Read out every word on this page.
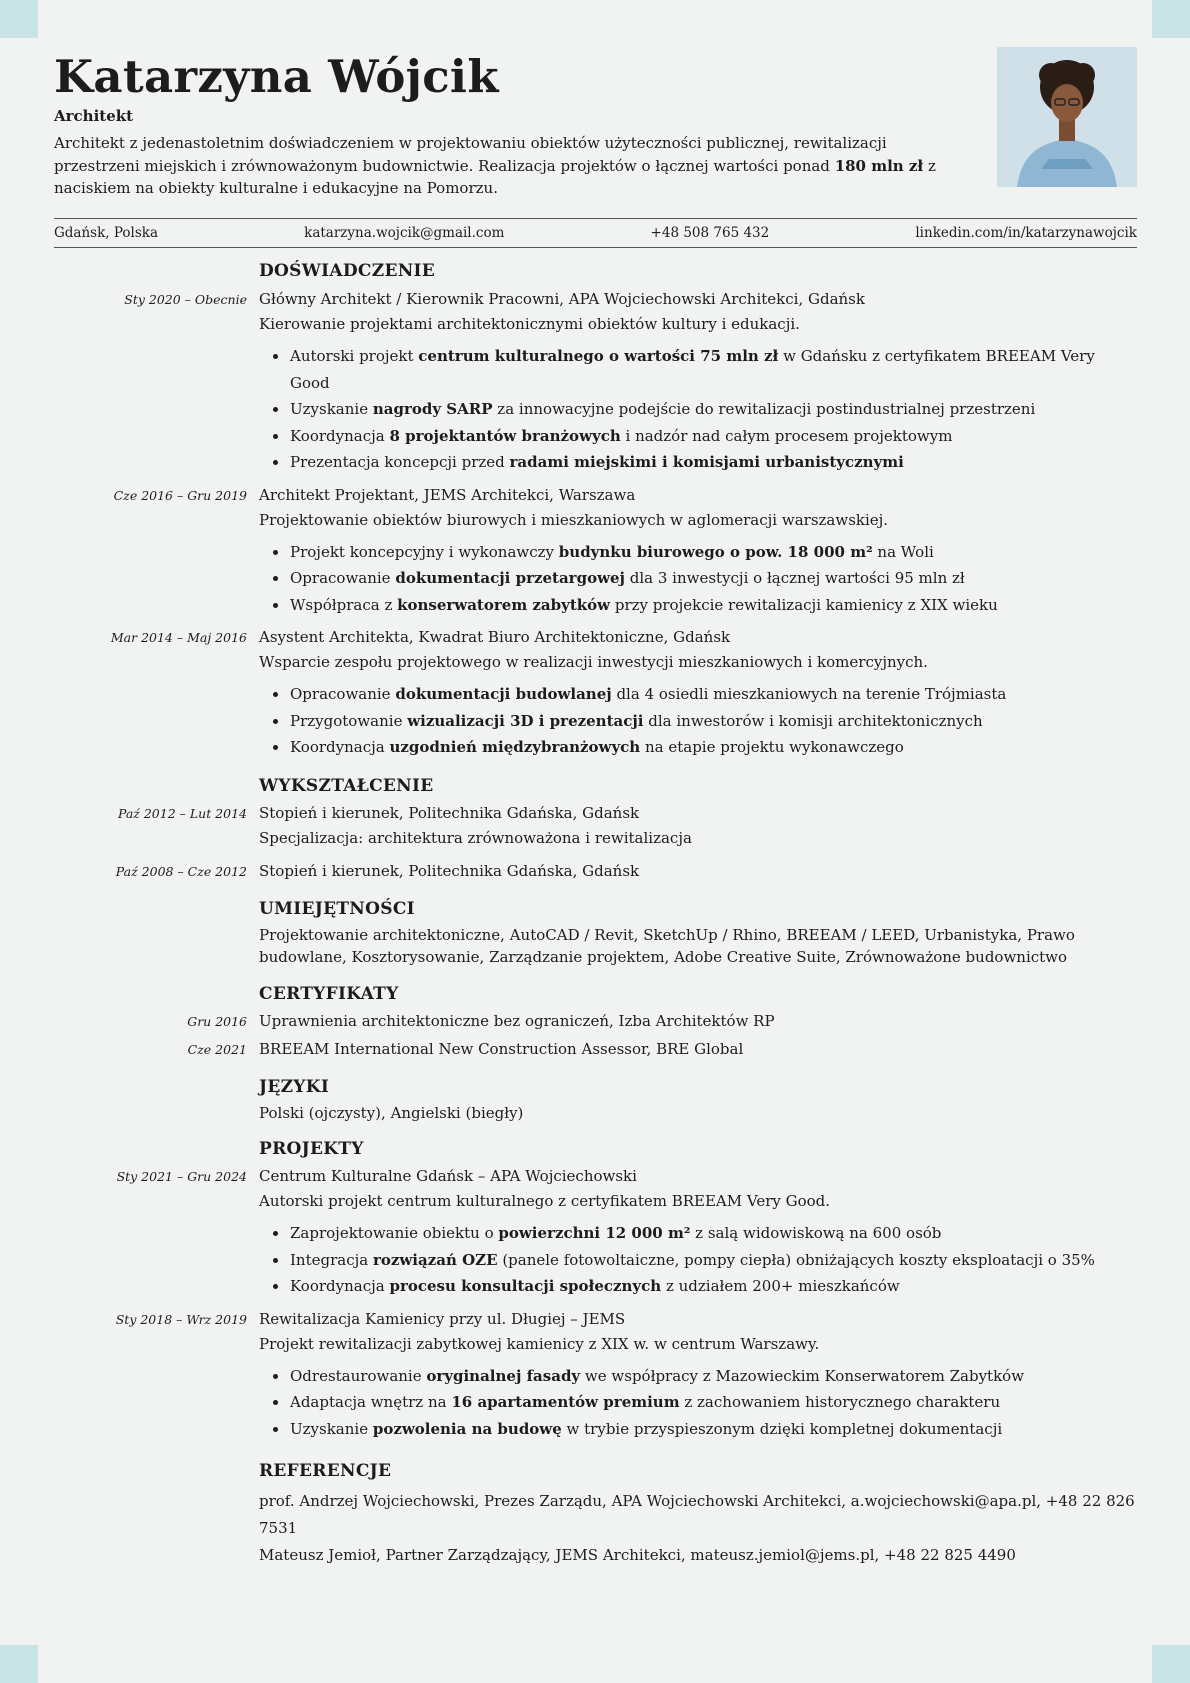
Katarzyna Wójcik
Architekt
Architekt z jedenastoletnim doświadczeniem w projektowaniu obiektów użyteczności publicznej, rewitalizacji przestrzeni miejskich i zrównoważonym budownictwie. Realizacja projektów o łącznej wartości ponad 180 mln zł z naciskiem na obiekty kulturalne i edukacyjne na Pomorzu.
Gdańsk, Polska	katarzyna.wojcik@gmail.com	+48 508 765 432	linkedin.com/in/katarzynawojcik
DOŚWIADCZENIE
Sty 2020 – Obecnie Główny Architekt / Kierownik Pracowni, APA Wojciechowski Architekci, Gdańsk
Kierowanie projektami architektonicznymi obiektów kultury i edukacji.
• Autorski projekt centrum kulturalnego o wartości 75 mln zł w Gdańsku z certyfikatem BREEAM Very Good
• Uzyskanie nagrody SARP za innowacyjne podejście do rewitalizacji postindustrialnej przestrzeni
• Koordynacja 8 projektantów branżowych i nadzór nad całym procesem projektowym
• Prezentacja koncepcji przed radami miejskimi i komisjami urbanistycznymi
Cze 2016 – Gru 2019 Architekt Projektant, JEMS Architekci, Warszawa
Projektowanie obiektów biurowych i mieszkaniowych w aglomeracji warszawskiej.
• Projekt koncepcyjny i wykonawczy budynku biurowego o pow. 18 000 m² na Woli
• Opracowanie dokumentacji przetargowej dla 3 inwestycji o łącznej wartości 95 mln zł
• Współpraca z konserwatorem zabytków przy projekcie rewitalizacji kamienicy z XIX wieku
Mar 2014 – Maj 2016 Asystent Architekta, Kwadrat Biuro Architektoniczne, Gdańsk
Wsparcie zespołu projektowego w realizacji inwestycji mieszkaniowych i komercyjnych.
• Opracowanie dokumentacji budowlanej dla 4 osiedli mieszkaniowych na terenie Trójmiasta
• Przygotowanie wizualizacji 3D i prezentacji dla inwestorów i komisji architektonicznych
• Koordynacja uzgodnień międzybranżowych na etapie projektu wykonawczego
WYKSZTAŁCENIE
Paź 2012 – Lut 2014 Stopień i kierunek, Politechnika Gdańska, Gdańsk
Specjalizacja: architektura zrównoważona i rewitalizacja
Paź 2008 – Cze 2012 Stopień i kierunek, Politechnika Gdańska, Gdańsk
UMIEJĘTNOŚCI
Projektowanie architektoniczne, AutoCAD / Revit, SketchUp / Rhino, BREEAM / LEED, Urbanistyka, Prawo budowlane, Kosztorysowanie, Zarządzanie projektem, Adobe Creative Suite, Zrównoważone budownictwo
CERTYFIKATY
Gru 2016 Uprawnienia architektoniczne bez ograniczeń, Izba Architektów RP
Cze 2021 BREEAM International New Construction Assessor, BRE Global
JĘZYKI
Polski (ojczysty), Angielski (biegły)
PROJEKTY
Sty 2021 – Gru 2024 Centrum Kulturalne Gdańsk – APA Wojciechowski
Autorski projekt centrum kulturalnego z certyfikatem BREEAM Very Good.
• Zaprojektowanie obiektu o powierzchni 12 000 m² z salą widowiskową na 600 osób
• Integracja rozwiązań OZE (panele fotowoltaiczne, pompy ciepła) obniżających koszty eksploatacji o 35%
• Koordynacja procesu konsultacji społecznych z udziałem 200+ mieszkańców
Sty 2018 – Wrz 2019 Rewitalizacja Kamienicy przy ul. Długiej – JEMS
Projekt rewitalizacji zabytkowej kamienicy z XIX w. w centrum Warszawy.
• Odrestaurowanie oryginalnej fasady we współpracy z Mazowieckim Konserwatorem Zabytków
• Adaptacja wnętrz na 16 apartamentów premium z zachowaniem historycznego charakteru
• Uzyskanie pozwolenia na budowę w trybie przyspieszonym dzięki kompletnej dokumentacji
REFERENCJE
prof. Andrzej Wojciechowski, Prezes Zarządu, APA Wojciechowski Architekci, a.wojciechowski@apa.pl, +48 22 826 7531
Mateusz Jemioł, Partner Zarządzający, JEMS Architekci, mateusz.jemiol@jems.pl, +48 22 825 4490
